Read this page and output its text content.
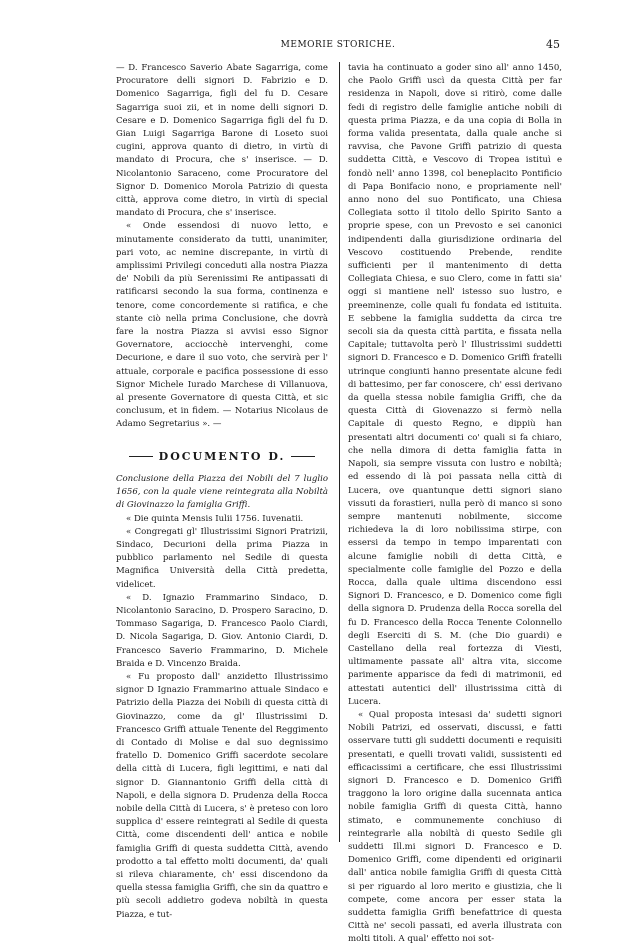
MEMORIE STORICHE.	45

— D. Francesco Saverio Abate Sagarriga, come Procuratore delli signori D. Fabrizio e D. Domenico Sagarriga, figli del fu D. Cesare Sagarriga suoi zii, et in nome delli signori D. Cesare e D. Domenico Sagarriga figli del fu D. Gian Luigi Sagarriga Barone di Loseto suoi cugini, approva quanto di dietro, in virtù di mandato di Procura, che s' inserisce. — D. Nicolantonio Saraceno, come Procuratore del Signor D. Domenico Morola Patrizio di questa città, approva come dietro, in virtù di special mandato di Procura, che s' inserisce.

« Onde essendosi di nuovo letto, e minutamente considerato da tutti, unanimiter, pari voto, ac nemine discrepante, in virtù di amplissimi Privilegi conceduti alla nostra Piazza de' Nobili da più Serenissimi Re antipassati di ratificarsi secondo la sua forma, continenza e tenore, come concordemente si ratifica, e che stante ciò nella prima Conclusione, che dovrà fare la nostra Piazza si avvisi esso Signor Governatore, acciocchè intervenghi, come Decurione, e dare il suo voto, che servirà per l' attuale, corporale e pacifica possessione di esso Signor Michele Iurado Marchese di Villanuova, al presente Governatore di questa Città, et sic conclusum, et in fidem. — Notarius Nicolaus de Adamo Segretarius ». —

DOCUMENTO D.

Conclusione della Piazza dei Nobili del 7 luglio 1656, con la quale viene reintegrata alla Nobiltà di Giovinazzo la famiglia Griffi.

« Die quinta Mensis Iulii 1756. Iuvenatii.

« Congregati gl' Illustrissimi Signori Pratrizii, Sindaco, Decurioni della prima Piazza in pubblico parlamento nel Sedile di questa Magnifica Università della Città predetta, videlicet.

« D. Ignazio Frammarino Sindaco, D. Nicolantonio Saracino, D. Prospero Saracino, D. Tommaso Sagariga, D. Francesco Paolo Ciardi, D. Nicola Sagariga, D. Giov. Antonio Ciardi, D. Francesco Saverio Frammarino, D. Michele Braida e D. Vincenzo Braida.

« Fu proposto dall' anzidetto Illustrissimo signor D Ignazio Frammarino attuale Sindaco e Patrizio della Piazza dei Nobili di questa città di Giovinazzo, come da gl' Illustrissimi D. Francesco Griffi attuale Tenente del Reggimento di Contado di Molise e dal suo degnissimo fratello D. Domenico Griffi sacerdote secolare della città di Lucera, figli legittimi, e nati dal signor D. Giannantonio Griffi della città di Napoli, e della signora D. Prudenza della Rocca nobile della Città di Lucera, s' è preteso con loro supplica d' essere reintegrati al Sedile di questa Città, come discendenti dell' antica e nobile famiglia Griffi di questa suddetta Città, avendo prodotto a tal effetto molti documenti, da' quali si rileva chiaramente, ch' essi discendono da quella stessa famiglia Griffi, che sin da quattro e più secoli addietro godeva nobiltà in questa Piazza, e tut-

tavia ha continuato a goder sino all' anno 1450, che Paolo Griffi uscì da questa Città per far residenza in Napoli, dove si ritirò, come dalle fedi di registro delle famiglie antiche nobili di questa prima Piazza, e da una copia di Bolla in forma valida presentata, dalla quale anche si ravvisa, che Pavone Griffi patrizio di questa suddetta Città, e Vescovo di Tropea istituì e fondò nell' anno 1398, col beneplacito Pontificio di Papa Bonifacio nono, e propriamente nell' anno nono del suo Pontificato, una Chiesa Collegiata sotto il titolo dello Spirito Santo a proprie spese, con un Prevosto e sei canonici indipendenti dalla giurisdizione ordinaria del Vescovo costituendo Prebende, rendite sufficienti per il mantenimento di detta Collegiata Chiesa, e suo Clero, come in fatti sia' oggi si mantiene nell' istesso suo lustro, e preeminenze, colle quali fu fondata ed istituita. E sebbene la famiglia suddetta da circa tre secoli sia da questa città partita, e fissata nella Capitale; tuttavolta però l' Illustrissimi suddetti signori D. Francesco e D. Domenico Griffi fratelli utrinque congiunti hanno presentate alcune fedi di battesimo, per far conoscere, ch' essi derivano da quella stessa nobile famiglia Griffi, che da questa Città di Giovenazzo si fermò nella Capitale di questo Regno, e dippiù han presentati altri documenti co' quali si fa chiaro, che nella dimora di detta famiglia fatta in Napoli, sia sempre vissuta con lustro e nobiltà; ed essendo di là poi passata nella città di Lucera, ove quantunque detti signori siano vissuti da forastieri, nulla però di manco si sono sempre mantenuti nobilmente, siccome richiedeva la di loro nobilissima stirpe, con essersi da tempo in tempo imparentati con alcune famiglie nobili di detta Città, e specialmente colle famiglie del Pozzo e della Rocca, dalla quale ultima discendono essi Signori D. Francesco, e D. Domenico come figli della signora D. Prudenza della Rocca sorella del fu D. Francesco della Rocca Tenente Colonnello degli Eserciti di S. M. (che Dio guardi) e Castellano della real fortezza di Viesti, ultimamente passate all' altra vita, siccome parimente apparisce da fedi di matrimonii, ed attestati autentici dell' illustrissima città di Lucera.

« Qual proposta intesasi da' sudetti signori Nobili Patrizi, ed osservati, discussi, e fatti osservare tutti gli suddetti documenti e requisiti presentati, e quelli trovati validi, sussistenti ed efficacissimi a certificare, che essi Illustrissimi signori D. Francesco e D. Domenico Griffi traggono la loro origine dalla sucennata antica nobile famiglia Griffi di questa Città, hanno stimato, e communemente conchiuso di reintegrarle alla nobiltà di questo Sedile gli suddetti Ill.mi signori D. Francesco e D. Domenico Griffi, come dipendenti ed originarii dall' antica nobile famiglia Griffi di questa Città si per riguardo al loro merito e giustizia, che li compete, come ancora per esser stata la suddetta famiglia Griffi benefattrice di questa Città ne' secoli passati, ed averla illustrata con molti titoli. A qual' effetto noi sot-
